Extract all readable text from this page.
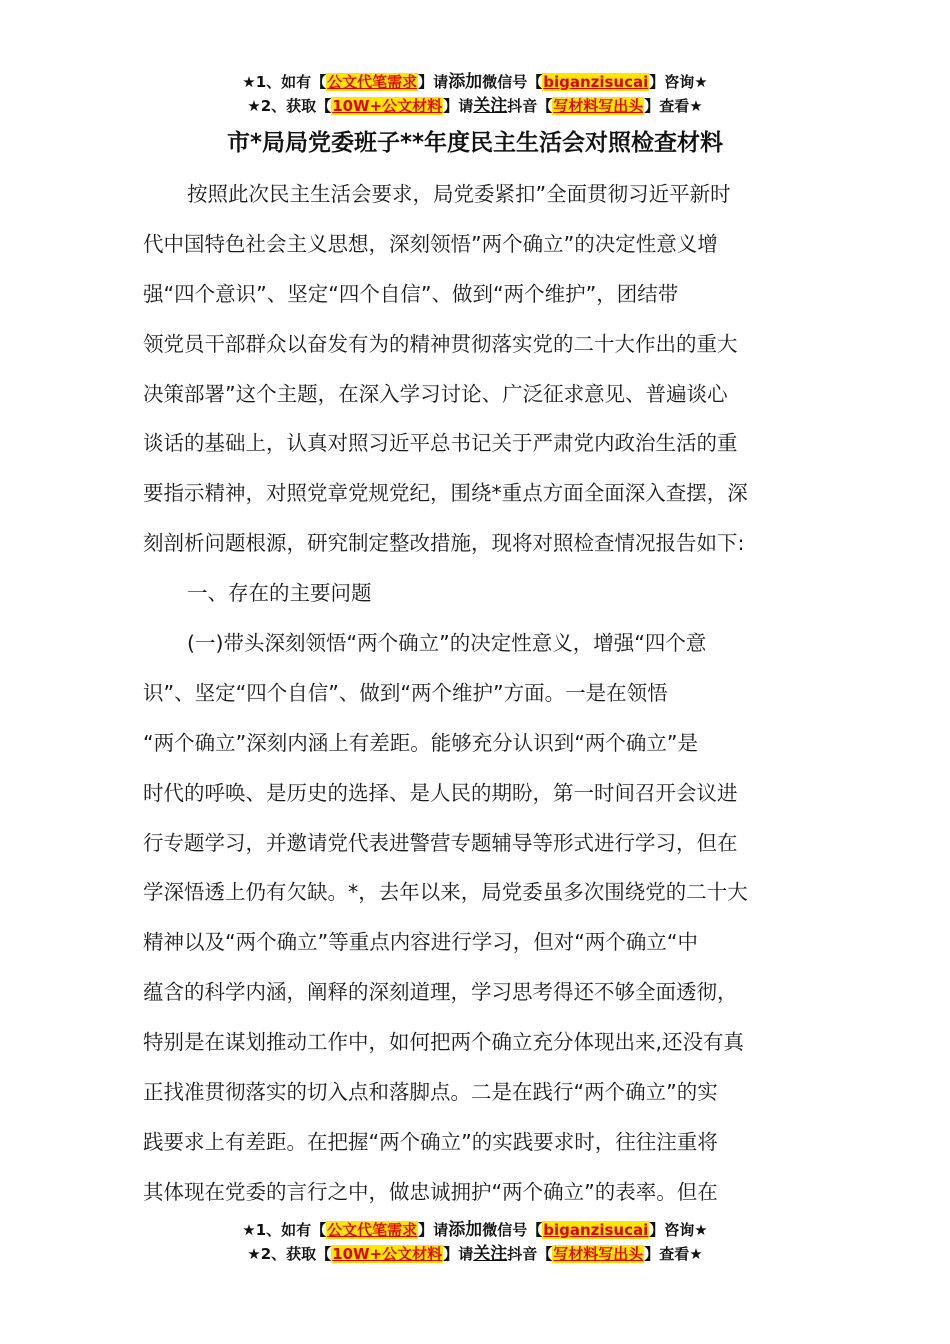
★1、如有【公文代笔需求】请添加微信号【biganzisucai】咨询★
★2、获取【10W+公文材料】请关注抖音【写材料写出头】查看★
市*局局党委班子**年度民主生活会对照检查材料
按照此次民主生活会要求，局党委紧扣”全面贯彻习近平新时
代中国特色社会主义思想，深刻领悟”两个确立”的决定性意义增
强“四个意识”、坚定“四个自信”、做到“两个维护”，团结带
领党员干部群众以奋发有为的精神贯彻落实党的二十大作出的重大
决策部署”这个主题，在深入学习讨论、广泛征求意见、普遍谈心
谈话的基础上，认真对照习近平总书记关于严肃党内政治生活的重
要指示精神，对照党章党规党纪，围绕*重点方面全面深入查摆，深
刻剖析问题根源，研究制定整改措施，现将对照检查情况报告如下:
一、存在的主要问题
(一)带头深刻领悟“两个确立”的决定性意义，增强“四个意
识”、坚定“四个自信”、做到“两个维护”方面。一是在领悟
“两个确立”深刻内涵上有差距。能够充分认识到“两个确立”是
时代的呼唤、是历史的选择、是人民的期盼，第一时间召开会议进
行专题学习，并邀请党代表进警营专题辅导等形式进行学习，但在
学深悟透上仍有欠缺。*，去年以来，局党委虽多次围绕党的二十大
精神以及“两个确立”等重点内容进行学习，但对“两个确立“中
蕴含的科学内涵，阐释的深刻道理，学习思考得还不够全面透彻，
特别是在谋划推动工作中，如何把两个确立充分体现出来,还没有真
正找准贯彻落实的切入点和落脚点。二是在践行“两个确立”的实
践要求上有差距。在把握“两个确立”的实践要求时，往往注重将
其体现在党委的言行之中，做忠诚拥护“两个确立”的表率。但在
★1、如有【公文代笔需求】请添加微信号【biganzisucai】咨询★
★2、获取【10W+公文材料】请关注抖音【写材料写出头】查看★
